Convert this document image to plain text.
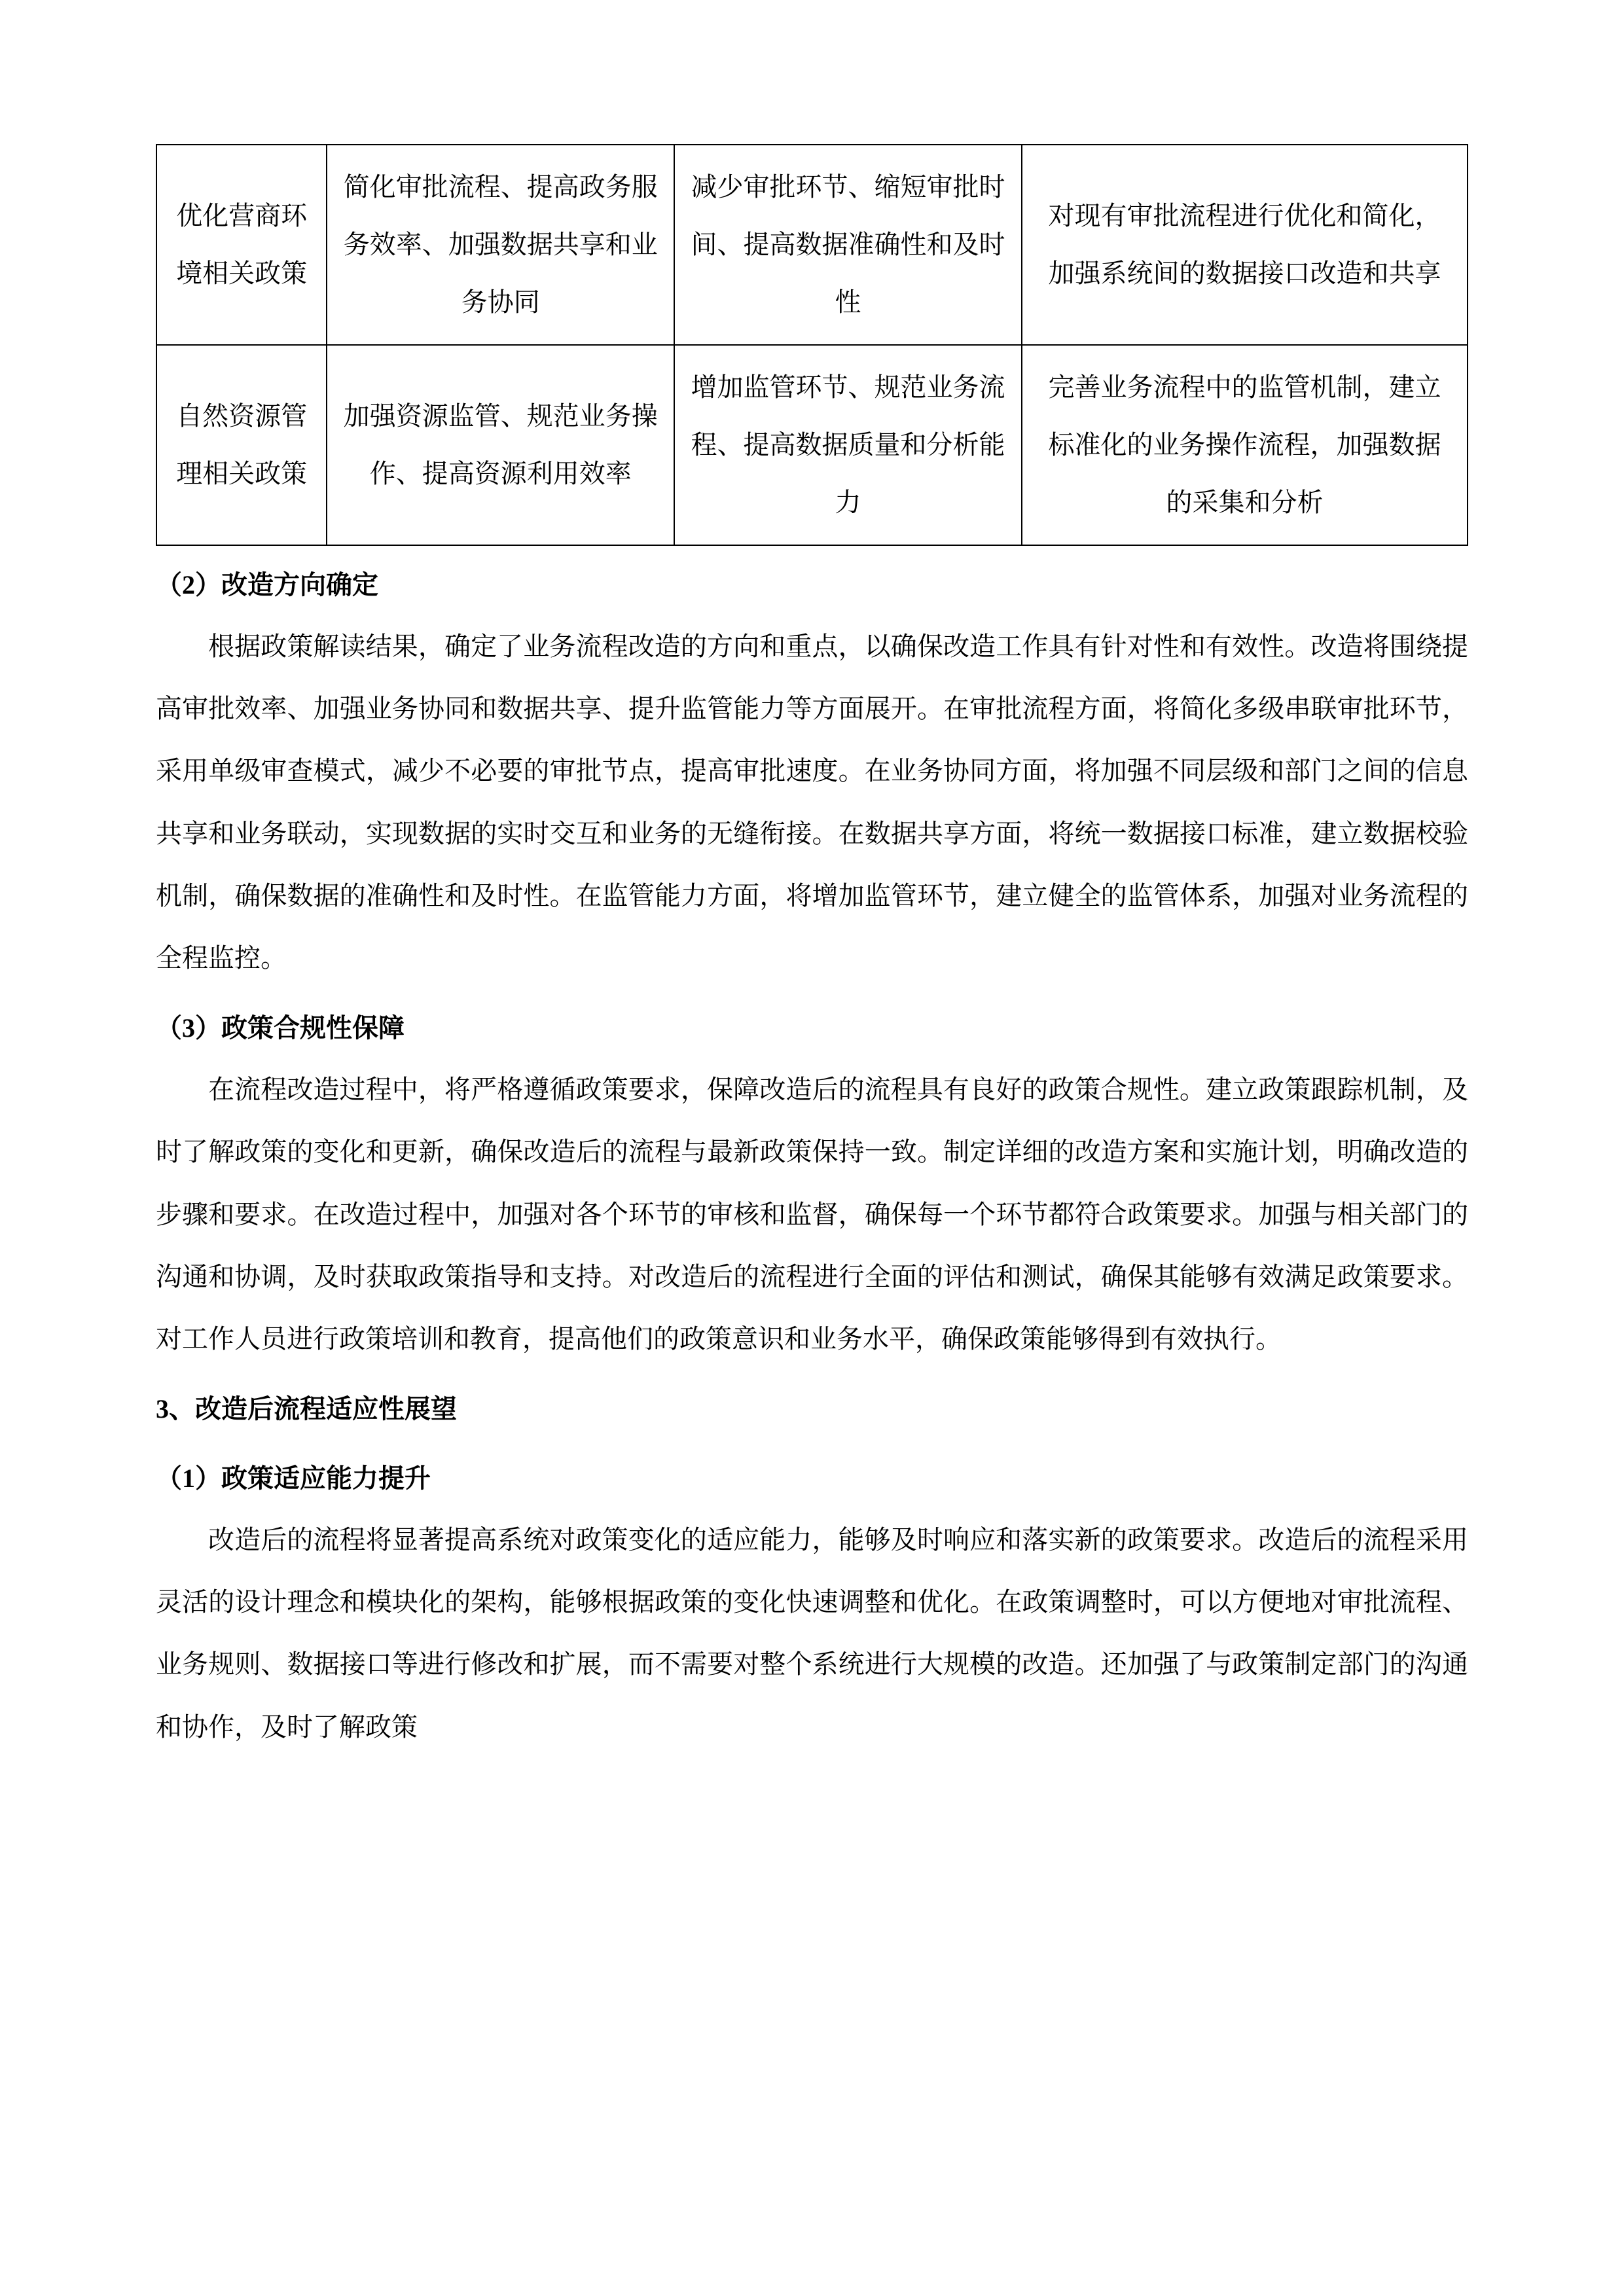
优化营商环境相关政策	简化审批流程、提高政务服务效率、加强数据共享和业务协同	减少审批环节、缩短审批时间、提高数据准确性和及时性	对现有审批流程进行优化和简化，加强系统间的数据接口改造和共享
自然资源管理相关政策	加强资源监管、规范业务操作、提高资源利用效率	增加监管环节、规范业务流程、提高数据质量和分析能力	完善业务流程中的监管机制，建立标准化的业务操作流程，加强数据的采集和分析
（2）改造方向确定

根据政策解读结果，确定了业务流程改造的方向和重点，以确保改造工作具有针对性和有效性。改造将围绕提高审批效率、加强业务协同和数据共享、提升监管能力等方面展开。在审批流程方面，将简化多级串联审批环节，采用单级审查模式，减少不必要的审批节点，提高审批速度。在业务协同方面，将加强不同层级和部门之间的信息共享和业务联动，实现数据的实时交互和业务的无缝衔接。在数据共享方面，将统一数据接口标准，建立数据校验机制，确保数据的准确性和及时性。在监管能力方面，将增加监管环节，建立健全的监管体系，加强对业务流程的全程监控。

（3）政策合规性保障

在流程改造过程中，将严格遵循政策要求，保障改造后的流程具有良好的政策合规性。建立政策跟踪机制，及时了解政策的变化和更新，确保改造后的流程与最新政策保持一致。制定详细的改造方案和实施计划，明确改造的步骤和要求。在改造过程中，加强对各个环节的审核和监督，确保每一个环节都符合政策要求。加强与相关部门的沟通和协调，及时获取政策指导和支持。对改造后的流程进行全面的评估和测试，确保其能够有效满足政策要求。对工作人员进行政策培训和教育，提高他们的政策意识和业务水平，确保政策能够得到有效执行。

3、改造后流程适应性展望
（1）政策适应能力提升

改造后的流程将显著提高系统对政策变化的适应能力，能够及时响应和落实新的政策要求。改造后的流程采用灵活的设计理念和模块化的架构，能够根据政策的变化快速调整和优化。在政策调整时，可以方便地对审批流程、业务规则、数据接口等进行修改和扩展，而不需要对整个系统进行大规模的改造。还加强了与政策制定部门的沟通和协作，及时了解政策
